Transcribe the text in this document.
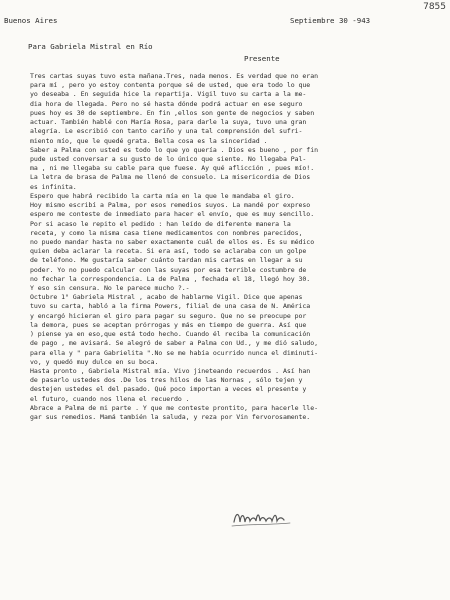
7855
Buenos Aires	Septiembre 30 -943
Para Gabriela Mistral en Río
Presente
Tres cartas suyas tuvo esta mañana.Tres, nada menos. Es verdad que no eran
para mí , pero yo estoy contenta porque sé de usted, que era todo lo que
yo deseaba . En seguida hice la repartija. Vigil tuvo su carta a la me-
dia hora de llegada. Pero no sé hasta dónde podrá actuar en ese seguro
pues hoy es 30 de septiembre. En fin ,ellos son gente de negocios y saben
actuar. También hablé con María Rosa, para darle la suya, tuvo una gran
alegría. Le escribió con tanto cariño y una tal comprensión del sufri-
miento mío, que le quedé grata. Bella cosa es la sinceridad .
Saber a Palma con usted es todo lo que yo quería . Dios es bueno , por fin
pude usted conversar a su gusto de lo único que siente. No llegaba Pal-
ma , ni me llegaba su cable para que fuese. Ay qué aflicción , pues mío!.
La letra de brasa de Palma me llenó de consuelo. La misericordia de Dios
es infinita.
Espero que habrá recibido la carta mía en la que le mandaba el giro.
Hoy mismo escribí a Palma, por esos remedios suyos. La mandé por expreso
espero me conteste de inmediato para hacer el envío, que es muy sencillo.
Por si acaso le repito el pedido : han leído de diferente manera la
receta, y como la misma casa tiene medicamentos con nombres parecidos,
no puedo mandar hasta no saber exactamente cuál de ellos es. Es su médico
quien deba aclarar la receta. Si era así, todo se aclaraba con un golpe
de teléfono. Me gustaría saber cuánto tardan mis cartas en llegar a su
poder. Yo no puedo calcular con las suyas por esa terrible costumbre de
no fechar la correspondencia. La de Palma , fechada el 18, llegó hoy 30.
Y eso sin censura. No le parece mucho ?.-
Octubre 1° Gabriela Mistral , acabo de hablarme Vigil. Dice que apenas
tuvo su carta, habló a la firma Powers, filial de una casa de N. América
y encargó hicieran el giro para pagar su seguro. Que no se preocupe por
la demora, pues se aceptan prórrogas y más en tiempo de guerra. Así que
) piense ya en eso,que está todo hecho. Cuando él reciba la comunicación
de pago , me avisará. Se alegró de saber a Palma con Ud., y me dió saludo,
para ella y " para Gabrielita ".No se me había ocurrido nunca el diminuti-
vo, y quedó muy dulce en su boca.
Hasta pronto , Gabriela Mistral mía. Vivo jineteando recuerdos . Así han
de pasarlo ustedes dos .De los tres hilos de las Nornas , sólo tejen y
destejen ustedes el del pasado. Qué poco importan a veces el presente y
el futuro, cuando nos llena el recuerdo .
Abrace a Palma de mi parte . Y que me conteste prontito, para hacerle lle-
gar sus remedios. Mamá también la saluda, y reza por Vin fervorosamente.
